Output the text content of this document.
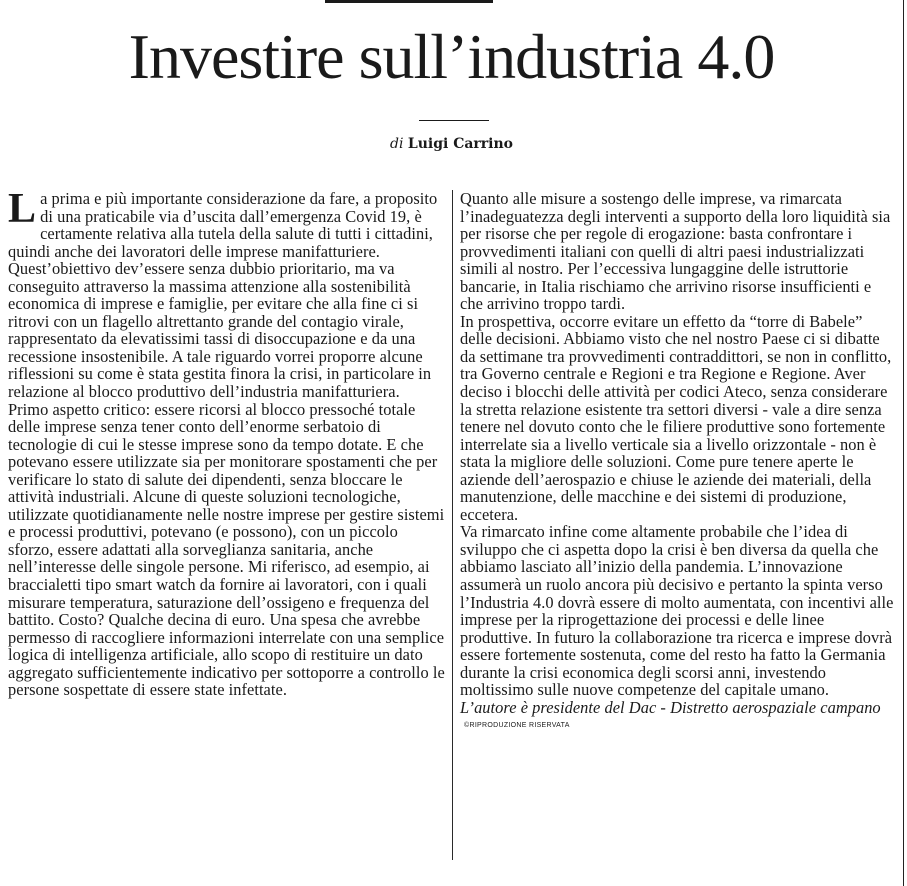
Investire sull’industria 4.0
di Luigi Carrino

La prima e più importante considerazione da fare, a proposito di una praticabile via d’uscita dall’emergenza Covid 19, è certamente relativa alla tutela della salute di tutti i cittadini, quindi anche dei lavoratori delle imprese manifatturiere.

Quest’obiettivo dev’essere senza dubbio prioritario, ma va conseguito attraverso la massima attenzione alla sostenibilità economica di imprese e famiglie, per evitare che alla fine ci si ritrovi con un flagello altrettanto grande del contagio virale, rappresentato da elevatissimi tassi di disoccupazione e da una recessione insostenibile. A tale riguardo vorrei proporre alcune riflessioni su come è stata gestita finora la crisi, in particolare in relazione al blocco produttivo dell’industria manifatturiera.

Primo aspetto critico: essere ricorsi al blocco pressoché totale delle imprese senza tener conto dell’enorme serbatoio di tecnologie di cui le stesse imprese sono da tempo dotate. E che potevano essere utilizzate sia per monitorare spostamenti che per verificare lo stato di salute dei dipendenti, senza bloccare le attività industriali. Alcune di queste soluzioni tecnologiche, utilizzate quotidianamente nelle nostre imprese per gestire sistemi e processi produttivi, potevano (e possono), con un piccolo sforzo, essere adattati alla sorveglianza sanitaria, anche nell’interesse delle singole persone. Mi riferisco, ad esempio, ai braccialetti tipo smart watch da fornire ai lavoratori, con i quali misurare temperatura, saturazione dell’ossigeno e frequenza del battito. Costo? Qualche decina di euro. Una spesa che avrebbe permesso di raccogliere informazioni interrelate con una semplice logica di intelligenza artificiale, allo scopo di restituire un dato aggregato sufficientemente indicativo per sottoporre a controllo le persone sospettate di essere state infettate.

Quanto alle misure a sostengo delle imprese, va rimarcata l’inadeguatezza degli interventi a supporto della loro liquidità sia per risorse che per regole di erogazione: basta confrontare i provvedimenti italiani con quelli di altri paesi industrializzati simili al nostro. Per l’eccessiva lungaggine delle istruttorie bancarie, in Italia rischiamo che arrivino risorse insufficienti e che arrivino troppo tardi.

In prospettiva, occorre evitare un effetto da “torre di Babele” delle decisioni. Abbiamo visto che nel nostro Paese ci si dibatte da settimane tra provvedimenti contraddittori, se non in conflitto, tra Governo centrale e Regioni e tra Regione e Regione. Aver deciso i blocchi delle attività per codici Ateco, senza considerare la stretta relazione esistente tra settori diversi - vale a dire senza tenere nel dovuto conto che le filiere produttive sono fortemente interrelate sia a livello verticale sia a livello orizzontale - non è stata la migliore delle soluzioni. Come pure tenere aperte le aziende dell’aerospazio e chiuse le aziende dei materiali, della manutenzione, delle macchine e dei sistemi di produzione, eccetera.

Va rimarcato infine come altamente probabile che l’idea di sviluppo che ci aspetta dopo la crisi è ben diversa da quella che abbiamo lasciato all’inizio della pandemia. L’innovazione assumerà un ruolo ancora più decisivo e pertanto la spinta verso l’Industria 4.0 dovrà essere di molto aumentata, con incentivi alle imprese per la riprogettazione dei processi e delle linee produttive. In futuro la collaborazione tra ricerca e imprese dovrà essere fortemente sostenuta, come del resto ha fatto la Germania durante la crisi economica degli scorsi anni, investendo moltissimo sulle nuove competenze del capitale umano.

L’autore è presidente del Dac - Distretto aerospaziale campano

©RIPRODUZIONE RISERVATA
